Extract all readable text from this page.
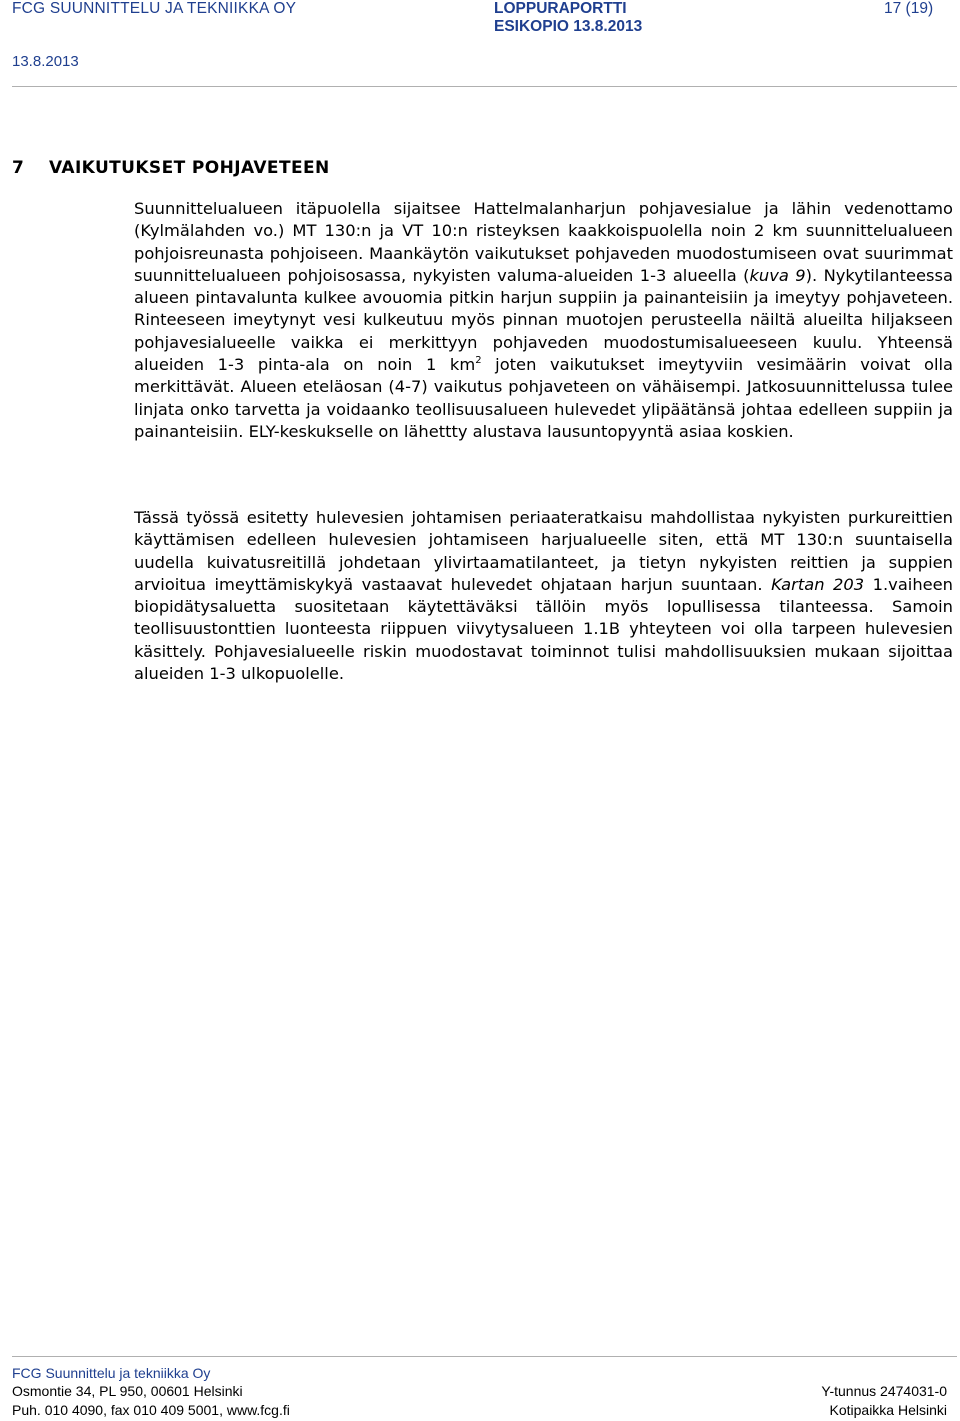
FCG SUUNNITTELU JA TEKNIIKKA OY	LOPPURAPORTTI
ESIKOPIO 13.8.2013
17 (19)
13.8.2013
7 VAIKUTUKSET POHJAVETEEN

Suunnittelualueen itäpuolella sijaitsee Hattelmalanharjun pohjavesialue ja lähin vedenottamo (Kylmälahden vo.) MT 130:n ja VT 10:n risteyksen kaakkoispuolella noin 2 km suunnittelualueen pohjoisreunasta pohjoiseen. Maankäytön vaikutukset pohjaveden muodostumiseen ovat suurimmat suunnittelualueen pohjoisosassa, nykyisten valuma-alueiden 1-3 alueella (kuva 9). Nykytilanteessa alueen pintavalunta kulkee avouomia pitkin harjun suppiin ja painanteisiin ja imeytyy pohjaveteen. Rinteeseen imeytynyt vesi kulkeutuu myös pinnan muotojen perusteella näiltä alueilta hiljakseen pohjavesialueelle vaikka ei merkittyyn pohjaveden muodostumisalueeseen kuulu. Yhteensä alueiden 1-3 pinta-ala on noin 1 $km^2$ joten vaikutukset imeytyviin vesimäärin voivat olla merkittävät. Alueen eteläosan (4-7) vaikutus pohjaveteen on vähäisempi. Jatkosuunnittelussa tulee linjata onko tarvetta ja voidaanko teollisuusalueen hulevedet ylipäätänsä johtaa edelleen suppiin ja painanteisiin. ELY-keskukselle on lähettty alustava lausuntopyyntä asiaa koskien.

Tässä työssä esitetty hulevesien johtamisen periaateratkaisu mahdollistaa nykyisten purkureittien käyttämisen edelleen hulevesien johtamiseen harjualueelle siten, että MT 130:n suuntaisella uudella kuivatusreitillä johdetaan ylivirtaamatilanteet, ja tietyn nykyisten reittien ja suppien arvioitua imeyttämiskykyä vastaavat hulevedet ohjataan harjun suuntaan. Kartan 203 1.vaiheen biopidätysaluetta suositetaan käytettäväksi tällöin myös lopullisessa tilanteessa. Samoin teollisuustonttien luonteesta riippuen viivytysalueen 1.1B yhteyteen voi olla tarpeen hulevesien käsittely. Pohjavesialueelle riskin muodostavat toiminnot tulisi mahdollisuuksien mukaan sijoittaa alueiden 1-3 ulkopuolelle.

FCG Suunnittelu ja tekniikka Oy
Osmontie 34, PL 950, 00601 Helsinki	Y-tunnus 2474031-0
Puh. 010 4090, fax 010 409 5001, www.fcg.fi	Kotipaikka Helsinki
